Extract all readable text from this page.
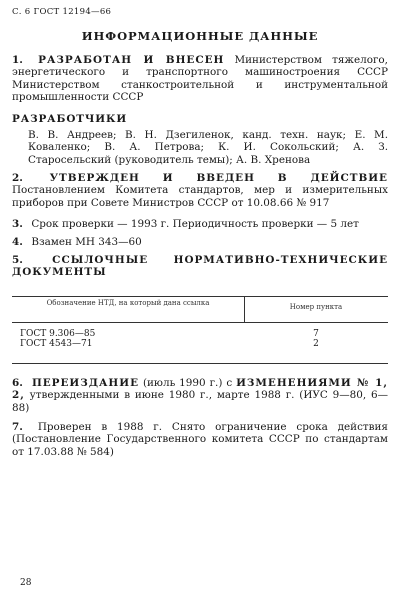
С. 6 ГОСТ 12194—66
ИНФОРМАЦИОННЫЕ ДАННЫЕ
1. РАЗРАБОТАН И ВНЕСЕН Министерством тяжелого, энергетического и транспортного машиностроения СССР Министерством станкостроительной и инструментальной промышленности СССР
РАЗРАБОТЧИКИ
В. В. Андреев; В. Н. Дзегиленок, канд. техн. наук; Е. М. Коваленко; В. А. Петрова; К. И. Сокольский; А. З. Старосельский (руководитель темы); А. В. Хренова
2.	УТВЕРЖДЕН И ВВЕДЕН В ДЕЙСТВИЕ Постановлением Комитета стандартов, мер и измерительных приборов при Совете Министров СССР от 10.08.66 № 917
3. Срок проверки — 1993 г. Периодичность проверки — 5 лет
4. Взамен МН 343—60
5.	ССЫЛОЧНЫЕ НОРМАТИВНО-ТЕХНИЧЕСКИЕ ДОКУМЕНТЫ
Обозначение НТД, на который дана ссылка	Номер пункта
ГОСТ 9.306—85	7
ГОСТ 4543—71	2
6. ПЕРЕИЗДАНИЕ (июль 1990 г.) с ИЗМЕНЕНИЯМИ № 1, 2, утвержденными в июне 1980 г., марте 1988 г. (ИУС 9—80, 6—88)
7. Проверен в 1988 г. Снято ограничение срока действия (Постановление Государственного комитета СССР по стандартам от 17.03.88 № 584)
28
